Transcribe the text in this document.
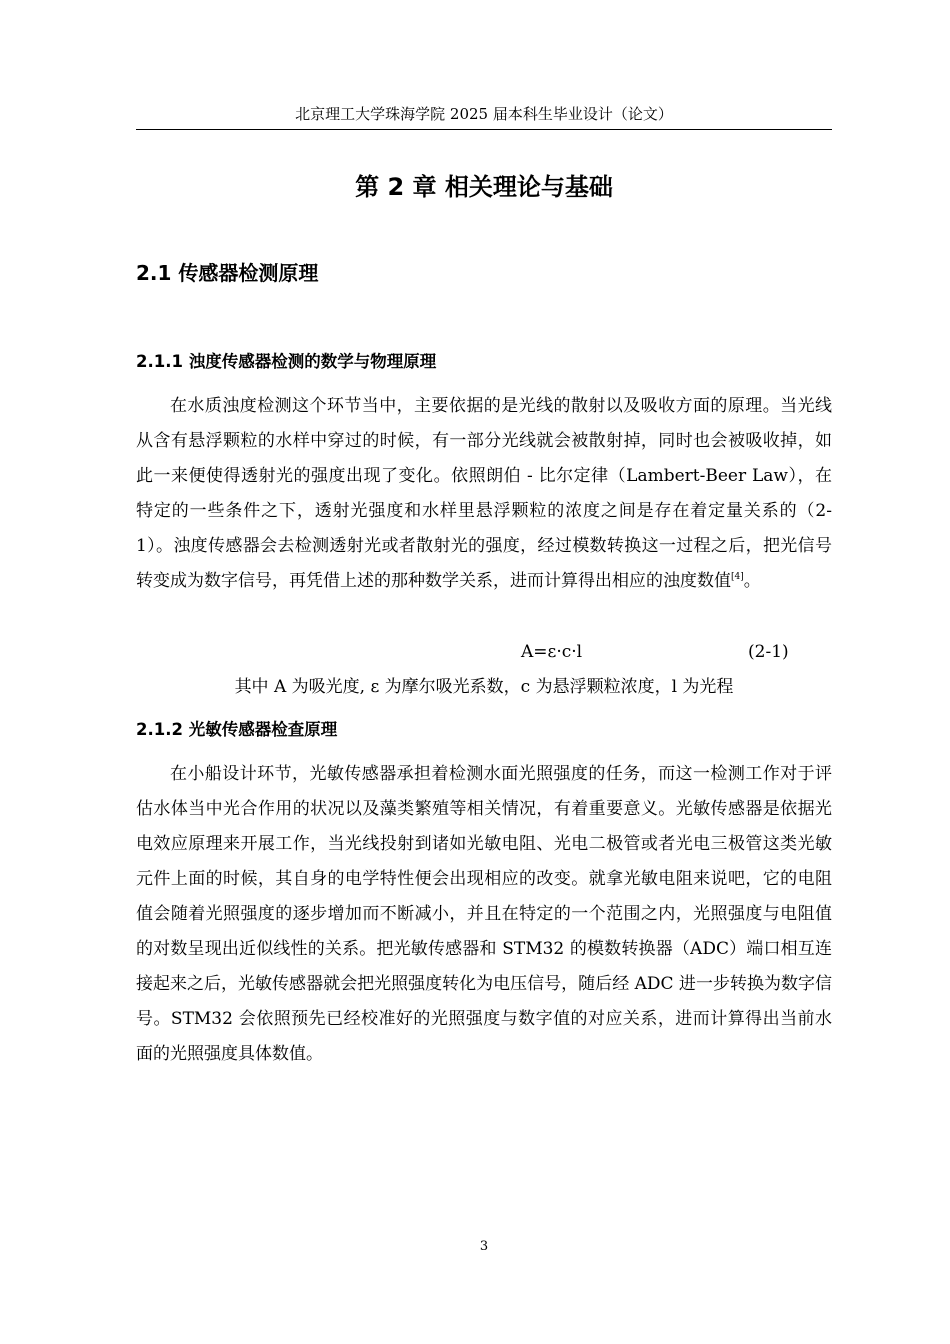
北京理工大学珠海学院 2025 届本科生毕业设计（论文）
第 2 章 相关理论与基础
2.1 传感器检测原理
2.1.1 浊度传感器检测的数学与物理原理

在水质浊度检测这个环节当中，主要依据的是光线的散射以及吸收方面的原理。当光线从含有悬浮颗粒的水样中穿过的时候，有一部分光线就会被散射掉，同时也会被吸收掉，如此一来便使得透射光的强度出现了变化。依照朗伯 - 比尔定律（Lambert-Beer Law），在特定的一些条件之下，透射光强度和水样里悬浮颗粒的浓度之间是存在着定量关系的（2-1）。浊度传感器会去检测透射光或者散射光的强度，经过模数转换这一过程之后，把光信号转变成为数字信号，再凭借上述的那种数学关系，进而计算得出相应的浊度数值[4]。

A=ε·c·l	(2-1)
其中 A 为吸光度, ε 为摩尔吸光系数，c 为悬浮颗粒浓度，l 为光程
2.1.2 光敏传感器检查原理

在小船设计环节，光敏传感器承担着检测水面光照强度的任务，而这一检测工作对于评估水体当中光合作用的状况以及藻类繁殖等相关情况，有着重要意义。光敏传感器是依据光电效应原理来开展工作，当光线投射到诸如光敏电阻、光电二极管或者光电三极管这类光敏元件上面的时候，其自身的电学特性便会出现相应的改变。就拿光敏电阻来说吧，它的电阻值会随着光照强度的逐步增加而不断减小，并且在特定的一个范围之内，光照强度与电阻值的对数呈现出近似线性的关系。把光敏传感器和 STM32 的模数转换器（ADC）端口相互连接起来之后，光敏传感器就会把光照强度转化为电压信号，随后经 ADC 进一步转换为数字信号。STM32 会依照预先已经校准好的光照强度与数字值的对应关系，进而计算得出当前水面的光照强度具体数值。

3
